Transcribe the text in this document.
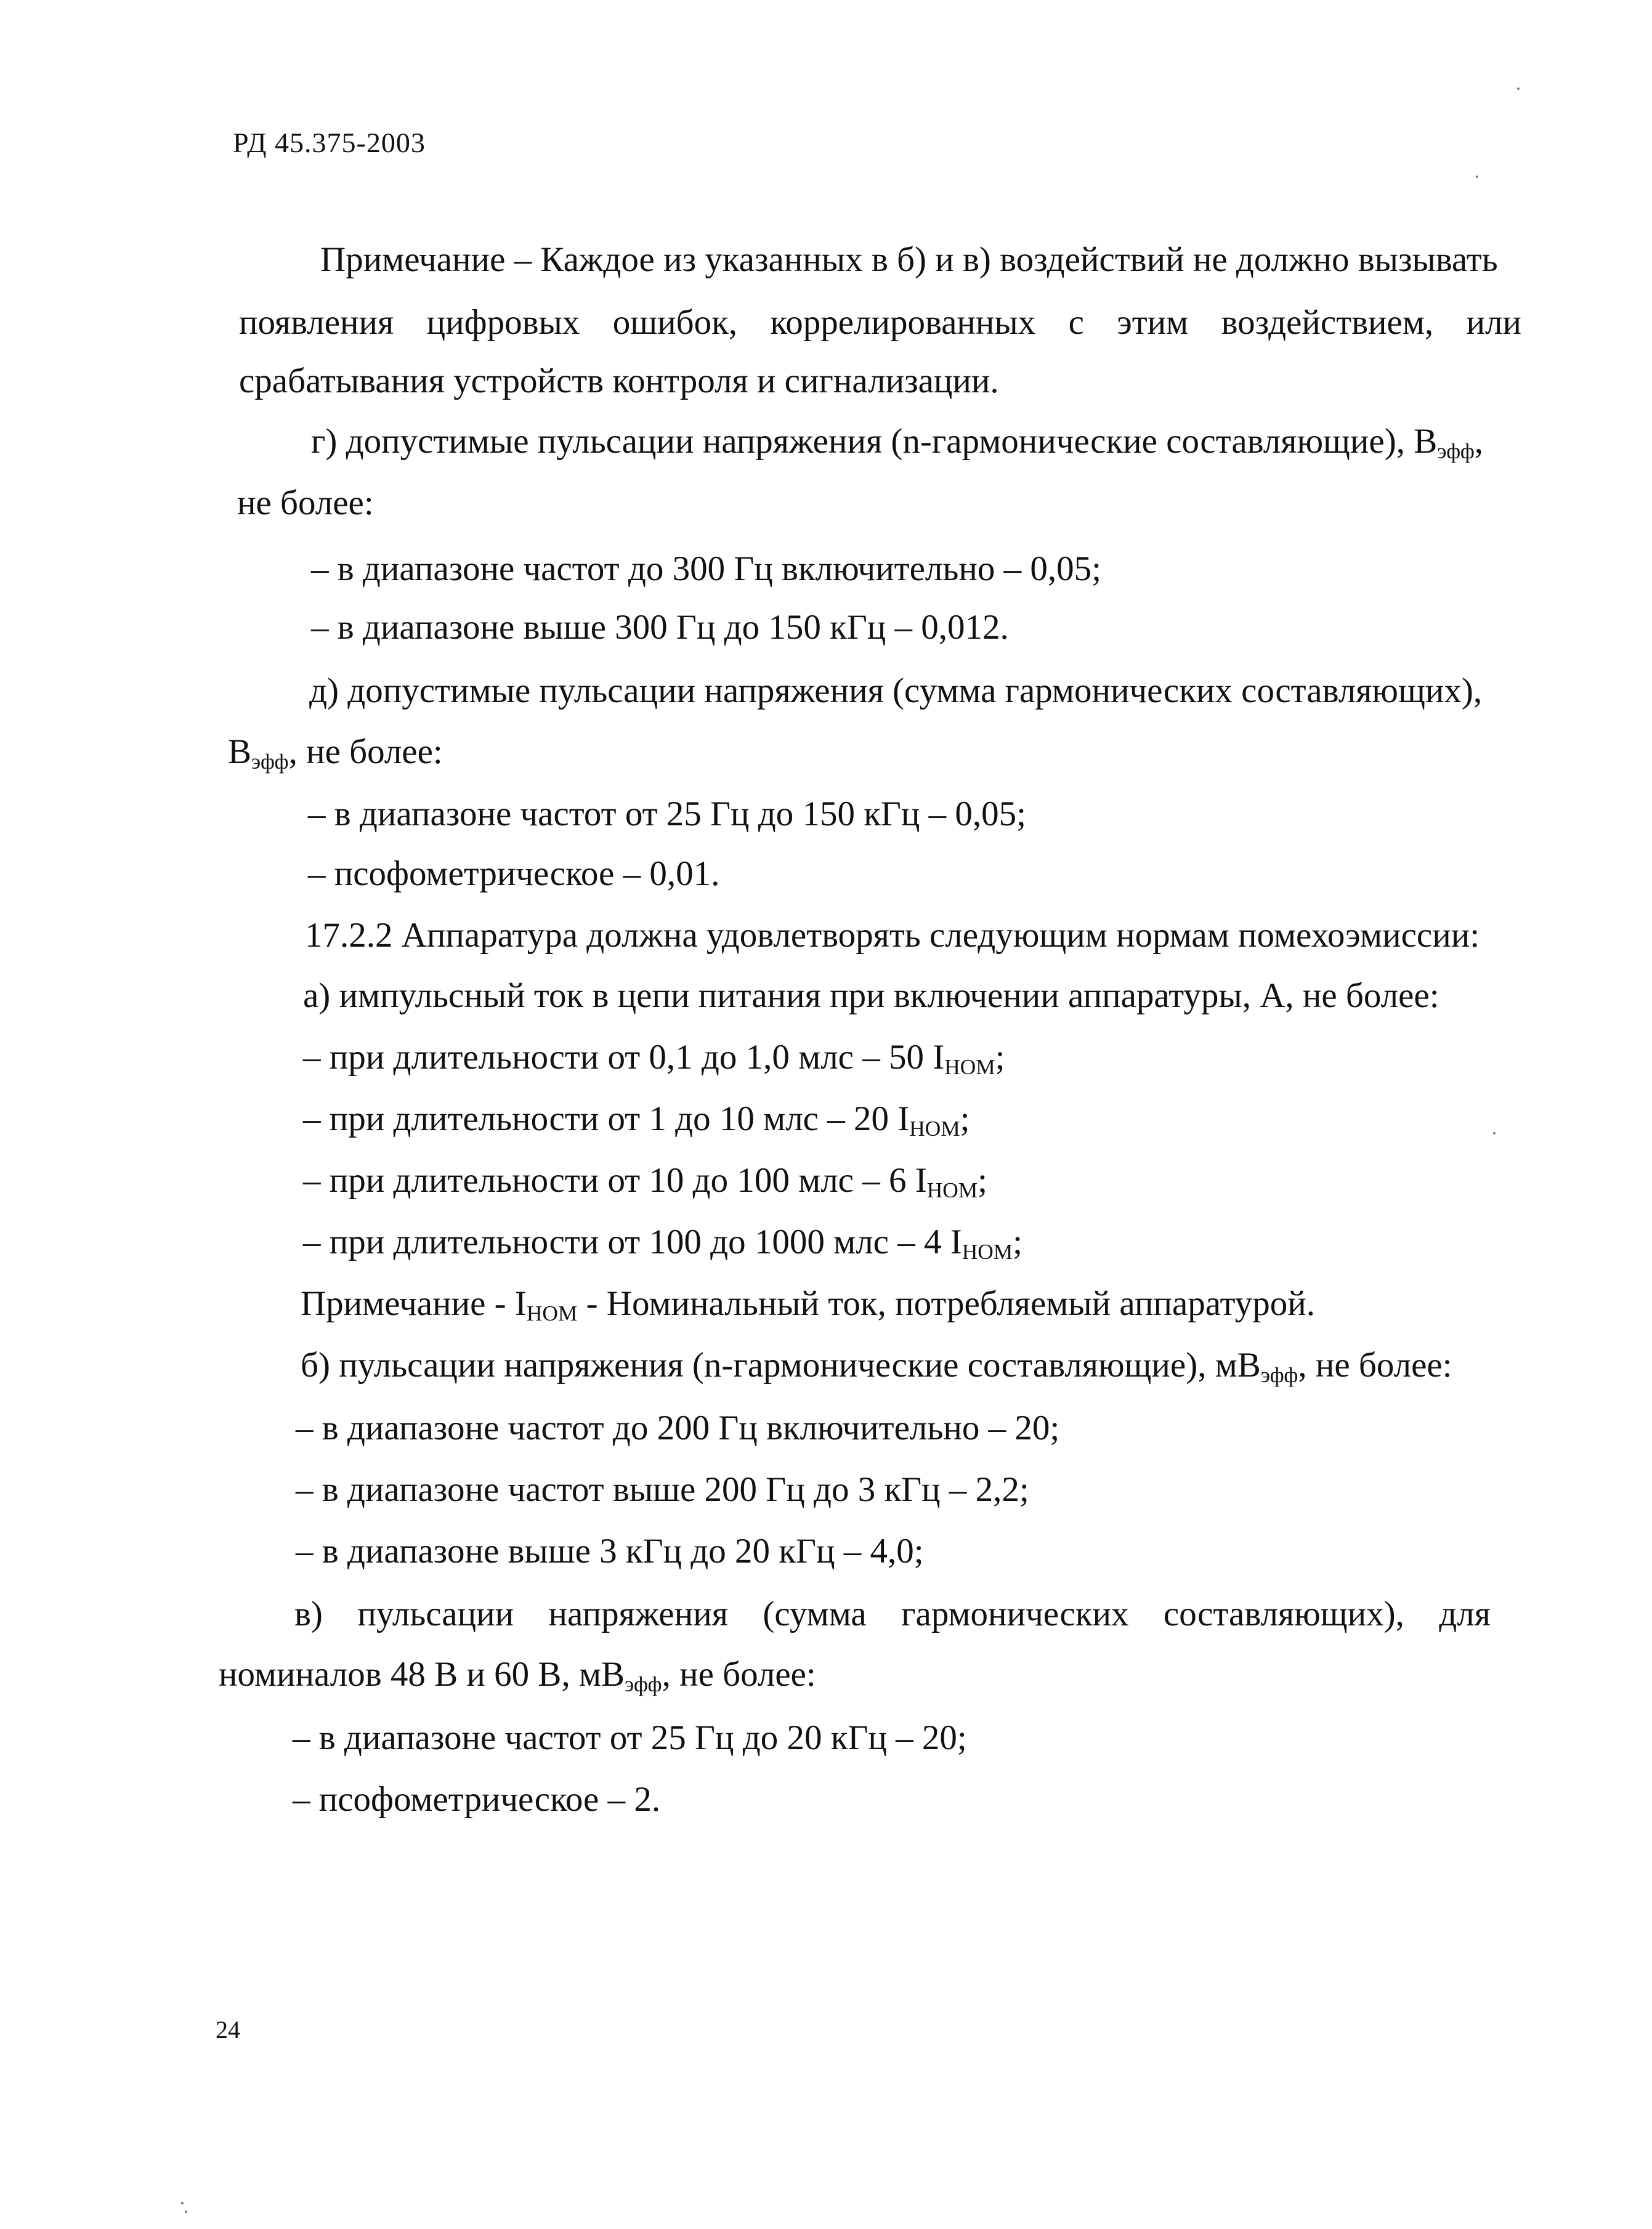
РД 45.375-2003
Примечание – Каждое из указанных в б) и в) воздействий не должно вызывать
появления цифровых ошибок, коррелированных с этим воздействием, или
срабатывания устройств контроля и сигнализации.
г) допустимые пульсации напряжения (n-гармонические составляющие), $В_{эфф}$,
не более:
– в диапазоне частот до 300 Гц включительно – 0,05;
– в диапазоне выше 300 Гц до 150 кГц – 0,012.
д) допустимые пульсации напряжения (сумма гармонических составляющих),
$В_{эфф}$, не более:
– в диапазоне частот от 25 Гц до 150 кГц – 0,05;
– псофометрическое – 0,01.
17.2.2 Аппаратура должна удовлетворять следующим нормам помехоэмиссии:
а) импульсный ток в цепи питания при включении аппаратуры, А, не более:
– при длительности от 0,1 до 1,0 млс – 50 $I_{НОМ}$;
– при длительности от 1 до 10 млс – 20 $I_{НОМ}$;
– при длительности от 10 до 100 млс – 6 $I_{НОМ}$;
– при длительности от 100 до 1000 млс – 4 $I_{НОМ}$;
Примечание - $I_{НОМ}$ - Номинальный ток, потребляемый аппаратурой.
б) пульсации напряжения (n-гармонические составляющие), $мВ_{эфф}$, не более:
– в диапазоне частот до 200 Гц включительно – 20;
– в диапазоне частот выше 200 Гц до 3 кГц – 2,2;
– в диапазоне выше 3 кГц до 20 кГц – 4,0;
в) пульсации напряжения (сумма гармонических составляющих), для
номиналов 48 В и 60 В, $мВ_{эфф}$, не более:
– в диапазоне частот от 25 Гц до 20 кГц – 20;
– псофометрическое – 2.
24
